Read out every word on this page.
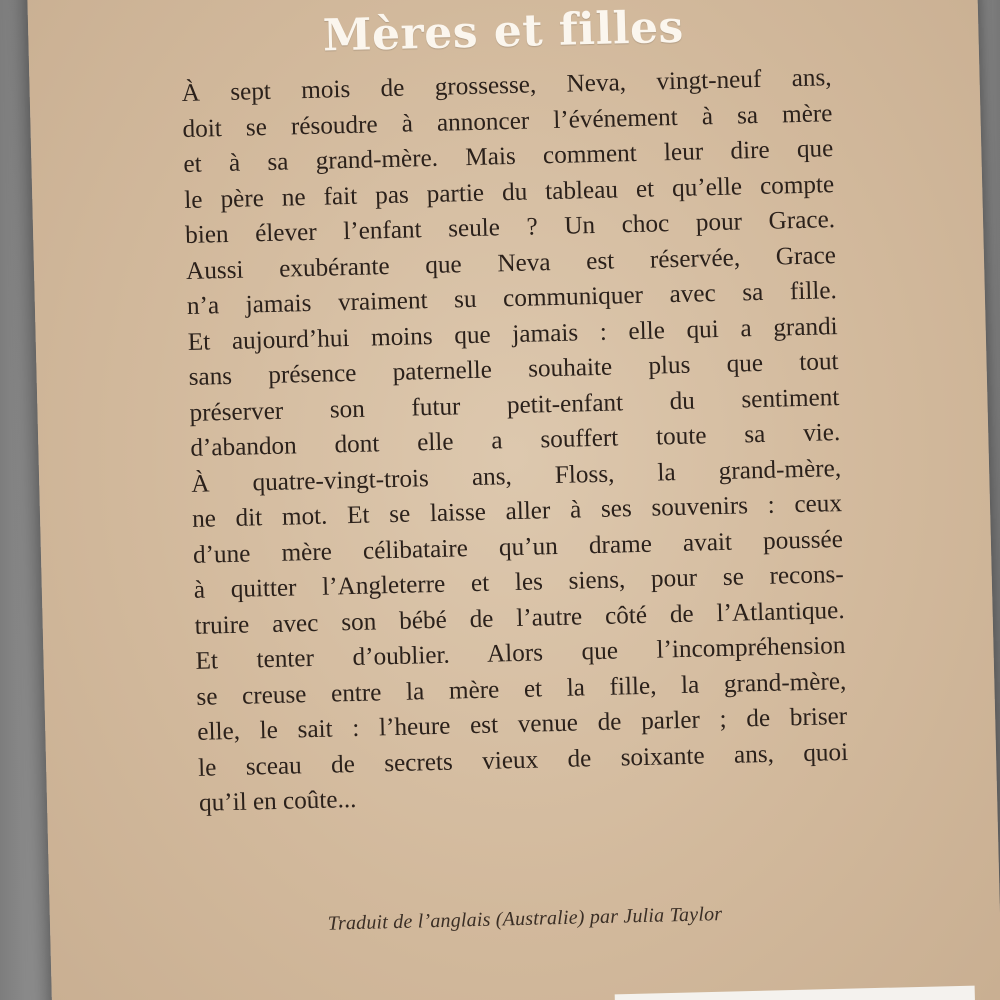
Mères et filles
À sept mois de grossesse, Neva, vingt-neuf ans,
doit se résoudre à annoncer l’événement à sa mère
et à sa grand-mère. Mais comment leur dire que
le père ne fait pas partie du tableau et qu’elle compte
bien élever l’enfant seule ? Un choc pour Grace.
Aussi exubérante que Neva est réservée, Grace
n’a jamais vraiment su communiquer avec sa fille.
Et aujourd’hui moins que jamais : elle qui a grandi
sans présence paternelle souhaite plus que tout
préserver son futur petit-enfant du sentiment
d’abandon dont elle a souffert toute sa vie.
À quatre-vingt-trois ans, Floss, la grand-mère,
ne dit mot. Et se laisse aller à ses souvenirs : ceux
d’une mère célibataire qu’un drame avait poussée
à quitter l’Angleterre et les siens, pour se recons-
truire avec son bébé de l’autre côté de l’Atlantique.
Et tenter d’oublier. Alors que l’incompréhension
se creuse entre la mère et la fille, la grand-mère,
elle, le sait : l’heure est venue de parler ; de briser
le sceau de secrets vieux de soixante ans, quoi
qu’il en coûte...
Traduit de l’anglais (Australie) par Julia Taylor
